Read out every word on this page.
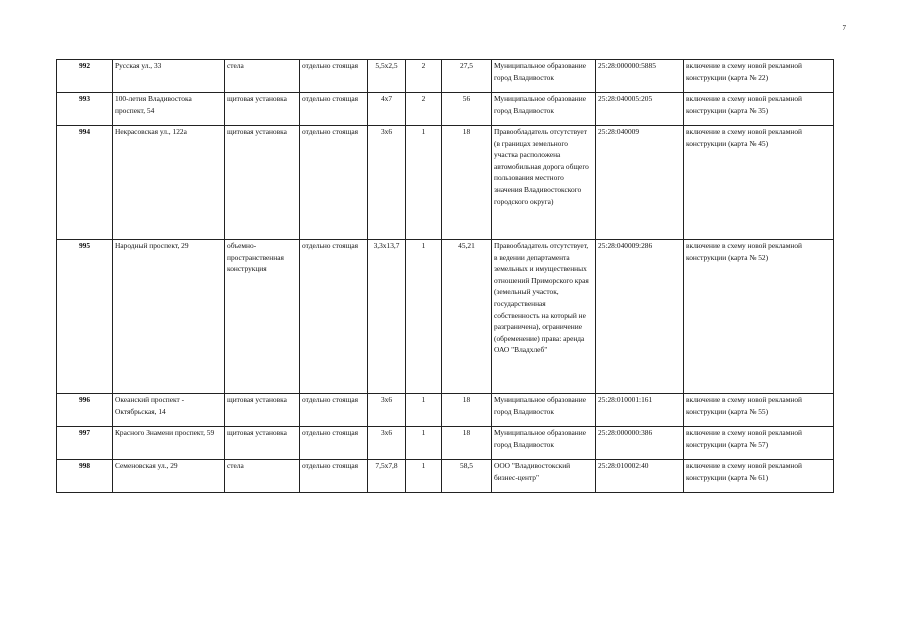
7
992	Русская ул., 33	стела	отдельно стоящая	5,5х2,5	2	27,5	Муниципальное образование город Владивосток	25:28:000000:5885	включение в схему новой рекламной конструкции (карта № 22)
993	100-летия Владивостока проспект, 54	щитовая установка	отдельно стоящая	4х7	2	56	Муниципальное образование город Владивосток	25:28:040005:205	включение в схему новой рекламной конструкции (карта № 35)
994	Некрасовская ул., 122а	щитовая установка	отдельно стоящая	3х6	1	18	Правообладатель отсутствует (в границах земельного участка расположена автомобильная дорога общего пользования местного значения Владивостокского городского округа)	25:28:040009	включение в схему новой рекламной конструкции (карта № 45)
995	Народный проспект, 29	объемно-пространственная конструкция	отдельно стоящая	3,3х13,7	1	45,21	Правообладатель отсутствует, в ведении департамента земельных и имущественных отношений Приморского края (земельный участок, государственная собственность на который не разграничена), ограничение (обременение) права: аренда ОАО "Владхлеб"	25:28:040009:286	включение в схему новой рекламной конструкции (карта № 52)
996	Океанский проспект - Октябрьская, 14	щитовая установка	отдельно стоящая	3х6	1	18	Муниципальное образование город Владивосток	25:28:010001:161	включение в схему новой рекламной конструкции (карта № 55)
997	Красного Знамени проспект, 59	щитовая установка	отдельно стоящая	3х6	1	18	Муниципальное образование город Владивосток	25:28:000000:386	включение в схему новой рекламной конструкции (карта № 57)
998	Семеновская ул., 29	стела	отдельно стоящая	7,5х7,8	1	58,5	ООО "Владивостокский бизнес-центр"	25:28:010002:40	включение в схему новой рекламной конструкции (карта № 61)
